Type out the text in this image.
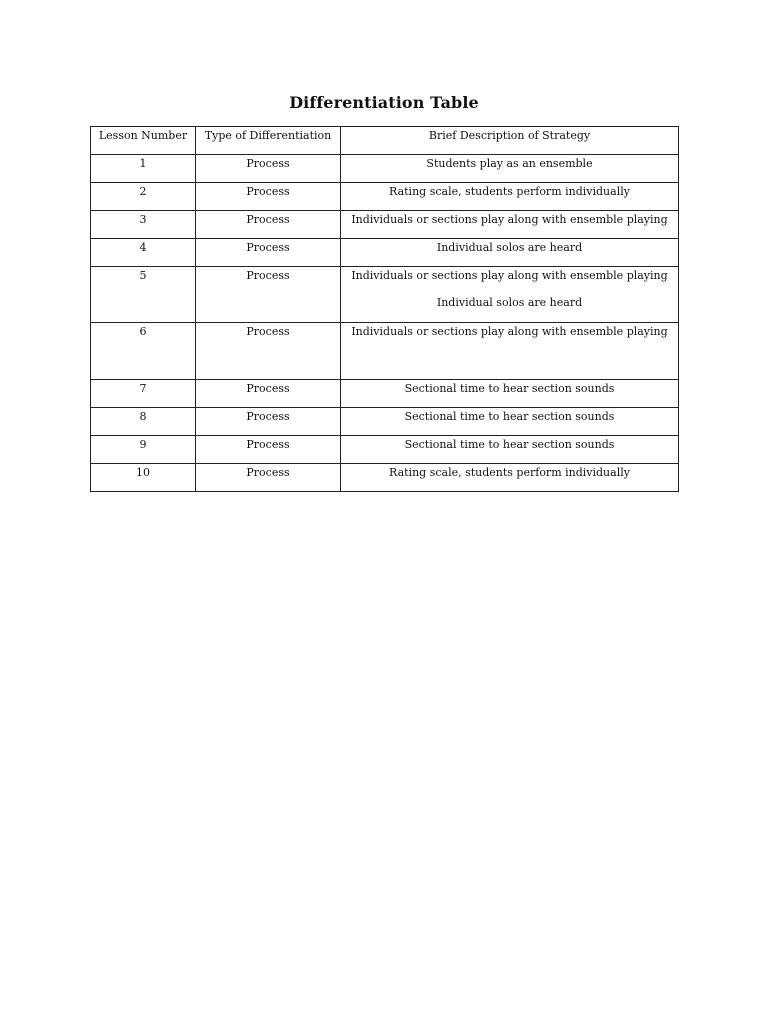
Differentiation Table
Lesson Number	Type of Differentiation	Brief Description of Strategy
1	Process	Students play as an ensemble

2	Process	Rating scale, students perform individually

3	Process	Individuals or sections play along with ensemble playing

4	Process	Individual solos are heard

5	Process	Individuals or sections play along with ensemble playing
Individual solos are heard

6	Process	Individuals or sections play along with ensemble playing

7	Process	Sectional time to hear section sounds

8	Process	Sectional time to hear section sounds

9	Process	Sectional time to hear section sounds

10	Process	Rating scale, students perform individually
